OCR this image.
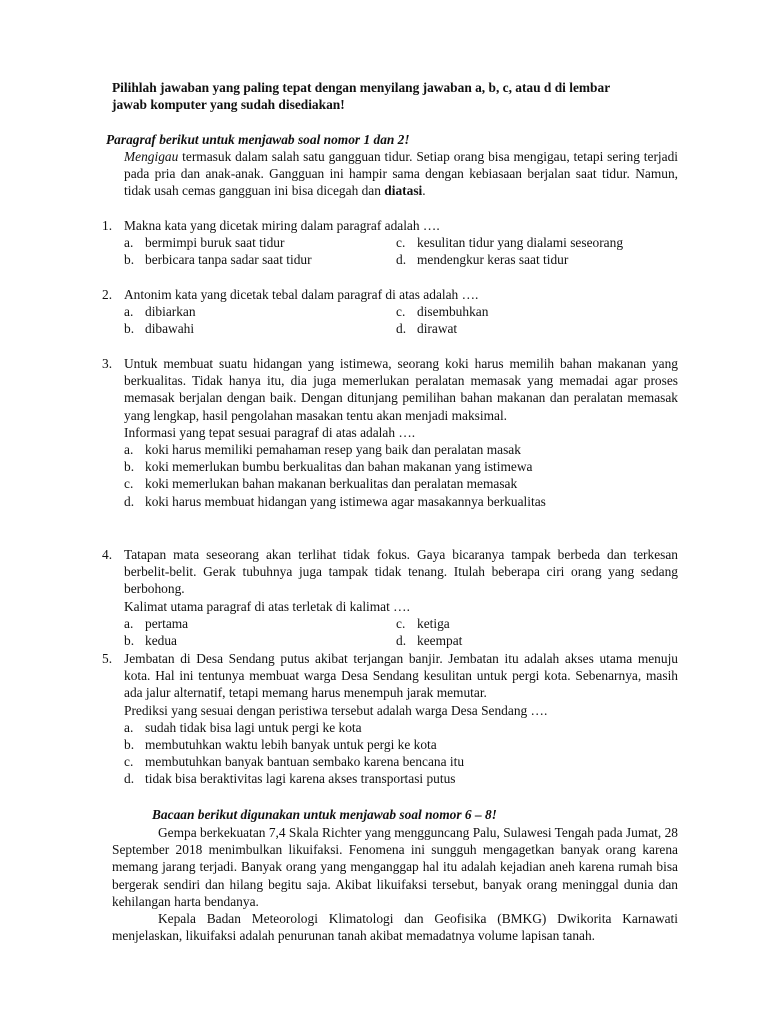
Pilihlah jawaban yang paling tepat dengan menyilang jawaban a, b, c, atau d di lembar

jawab komputer yang sudah disediakan!

Paragraf berikut untuk menjawab soal nomor 1 dan 2!
Mengigau termasuk dalam salah satu gangguan tidur. Setiap orang bisa mengigau, tetapi sering terjadi pada pria dan anak-anak. Gangguan ini hampir sama dengan kebiasaan berjalan saat tidur. Namun, tidak usah cemas gangguan ini bisa dicegah dan diatasi.
1. Makna kata yang dicetak miring dalam paragraf adalah ….
a. bermimpi buruk saat tidur	c. kesulitan tidur yang dialami seseorang
b. berbicara tanpa sadar saat tidur	d. mendengkur keras saat tidur
2. Antonim kata yang dicetak tebal dalam paragraf di atas adalah ….
a. dibiarkan	c. disembuhkan
b. dibawahi	d. dirawat
3. Untuk membuat suatu hidangan yang istimewa, seorang koki harus memilih bahan makanan yang berkualitas. Tidak hanya itu, dia juga memerlukan peralatan memasak yang memadai agar proses memasak berjalan dengan baik. Dengan ditunjang pemilihan bahan makanan dan peralatan memasak yang lengkap, hasil pengolahan masakan tentu akan menjadi maksimal.
Informasi yang tepat sesuai paragraf di atas adalah ….
a. koki harus memiliki pemahaman resep yang baik dan peralatan masak
b. koki memerlukan bumbu berkualitas dan bahan makanan yang istimewa
c. koki memerlukan bahan makanan berkualitas dan peralatan memasak
d. koki harus membuat hidangan yang istimewa agar masakannya berkualitas
4. Tatapan mata seseorang akan terlihat tidak fokus. Gaya bicaranya tampak berbeda dan terkesan berbelit-belit. Gerak tubuhnya juga tampak tidak tenang. Itulah beberapa ciri orang yang sedang berbohong.
Kalimat utama paragraf di atas terletak di kalimat ….
a. pertama	c. ketiga
b. kedua	d. keempat
5. Jembatan di Desa Sendang putus akibat terjangan banjir. Jembatan itu adalah akses utama menuju kota. Hal ini tentunya membuat warga Desa Sendang kesulitan untuk pergi kota. Sebenarnya, masih ada jalur alternatif, tetapi memang harus menempuh jarak memutar.
Prediksi yang sesuai dengan peristiwa tersebut adalah warga Desa Sendang ….
a. sudah tidak bisa lagi untuk pergi ke kota
b. membutuhkan waktu lebih banyak untuk pergi ke kota
c. membutuhkan banyak bantuan sembako karena bencana itu
d. tidak bisa beraktivitas lagi karena akses transportasi putus
Bacaan berikut digunakan untuk menjawab soal nomor 6 – 8!

Gempa berkekuatan 7,4 Skala Richter yang mengguncang Palu, Sulawesi Tengah pada Jumat, 28 September 2018 menimbulkan likuifaksi. Fenomena ini sungguh mengagetkan banyak orang karena memang jarang terjadi. Banyak orang yang menganggap hal itu adalah kejadian aneh karena rumah bisa bergerak sendiri dan hilang begitu saja. Akibat likuifaksi tersebut, banyak orang meninggal dunia dan kehilangan harta bendanya.

Kepala Badan Meteorologi Klimatologi dan Geofisika (BMKG) Dwikorita Karnawati menjelaskan, likuifaksi adalah penurunan tanah akibat memadatnya volume lapisan tanah.
